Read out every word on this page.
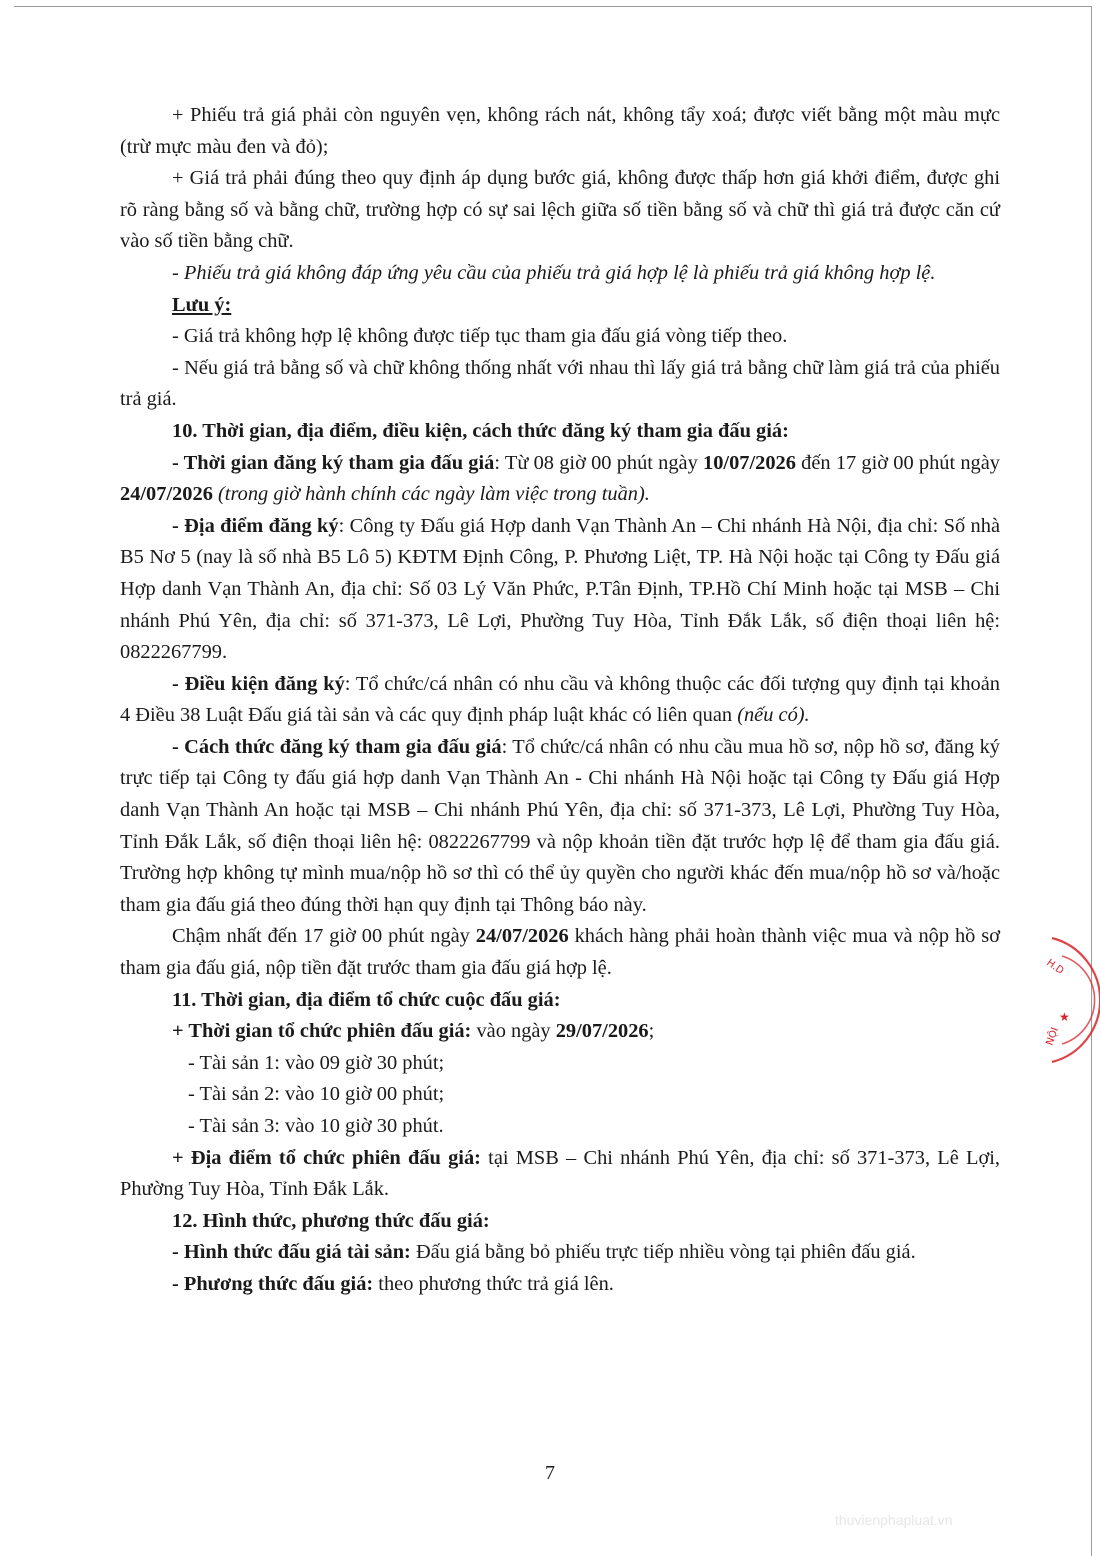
+ Phiếu trả giá phải còn nguyên vẹn, không rách nát, không tẩy xoá; được viết bằng một màu mực (trừ mực màu đen và đỏ);

+ Giá trả phải đúng theo quy định áp dụng bước giá, không được thấp hơn giá khởi điểm, được ghi rõ ràng bằng số và bằng chữ, trường hợp có sự sai lệch giữa số tiền bằng số và chữ thì giá trả được căn cứ vào số tiền bằng chữ.

- Phiếu trả giá không đáp ứng yêu cầu của phiếu trả giá hợp lệ là phiếu trả giá không hợp lệ.

Lưu ý:

- Giá trả không hợp lệ không được tiếp tục tham gia đấu giá vòng tiếp theo.

- Nếu giá trả bằng số và chữ không thống nhất với nhau thì lấy giá trả bằng chữ làm giá trả của phiếu trả giá.

10. Thời gian, địa điểm, điều kiện, cách thức đăng ký tham gia đấu giá:

- Thời gian đăng ký tham gia đấu giá: Từ 08 giờ 00 phút ngày 10/07/2026 đến 17 giờ 00 phút ngày 24/07/2026 (trong giờ hành chính các ngày làm việc trong tuần).

- Địa điểm đăng ký: Công ty Đấu giá Hợp danh Vạn Thành An – Chi nhánh Hà Nội, địa chỉ: Số nhà B5 Nơ 5 (nay là số nhà B5 Lô 5) KĐTM Định Công, P. Phương Liệt, TP. Hà Nội hoặc tại Công ty Đấu giá Hợp danh Vạn Thành An, địa chỉ: Số 03 Lý Văn Phức, P.Tân Định, TP.Hồ Chí Minh hoặc tại MSB – Chi nhánh Phú Yên, địa chỉ: số 371-373, Lê Lợi, Phường Tuy Hòa, Tỉnh Đắk Lắk, số điện thoại liên hệ: 0822267799.

- Điều kiện đăng ký: Tổ chức/cá nhân có nhu cầu và không thuộc các đối tượng quy định tại khoản 4 Điều 38 Luật Đấu giá tài sản và các quy định pháp luật khác có liên quan (nếu có).

- Cách thức đăng ký tham gia đấu giá: Tổ chức/cá nhân có nhu cầu mua hồ sơ, nộp hồ sơ, đăng ký trực tiếp tại Công ty đấu giá hợp danh Vạn Thành An - Chi nhánh Hà Nội hoặc tại Công ty Đấu giá Hợp danh Vạn Thành An hoặc tại MSB – Chi nhánh Phú Yên, địa chỉ: số 371-373, Lê Lợi, Phường Tuy Hòa, Tỉnh Đắk Lắk, số điện thoại liên hệ: 0822267799 và nộp khoản tiền đặt trước hợp lệ để tham gia đấu giá. Trường hợp không tự mình mua/nộp hồ sơ thì có thể ủy quyền cho người khác đến mua/nộp hồ sơ và/hoặc tham gia đấu giá theo đúng thời hạn quy định tại Thông báo này.

Chậm nhất đến 17 giờ 00 phút ngày 24/07/2026 khách hàng phải hoàn thành việc mua và nộp hồ sơ tham gia đấu giá, nộp tiền đặt trước tham gia đấu giá hợp lệ.

11. Thời gian, địa điểm tổ chức cuộc đấu giá:

+ Thời gian tổ chức phiên đấu giá: vào ngày 29/07/2026;

- Tài sản 1: vào 09 giờ 30 phút;

- Tài sản 2: vào 10 giờ 00 phút;

- Tài sản 3: vào 10 giờ 30 phút.

+ Địa điểm tổ chức phiên đấu giá: tại MSB – Chi nhánh Phú Yên, địa chỉ: số 371-373, Lê Lợi, Phường Tuy Hòa, Tỉnh Đắk Lắk.

12. Hình thức, phương thức đấu giá:

- Hình thức đấu giá tài sản: Đấu giá bằng bỏ phiếu trực tiếp nhiều vòng tại phiên đấu giá.

- Phương thức đấu giá: theo phương thức trả giá lên.

7
H.D
★
NỘI
thuvienphapluat.vn
